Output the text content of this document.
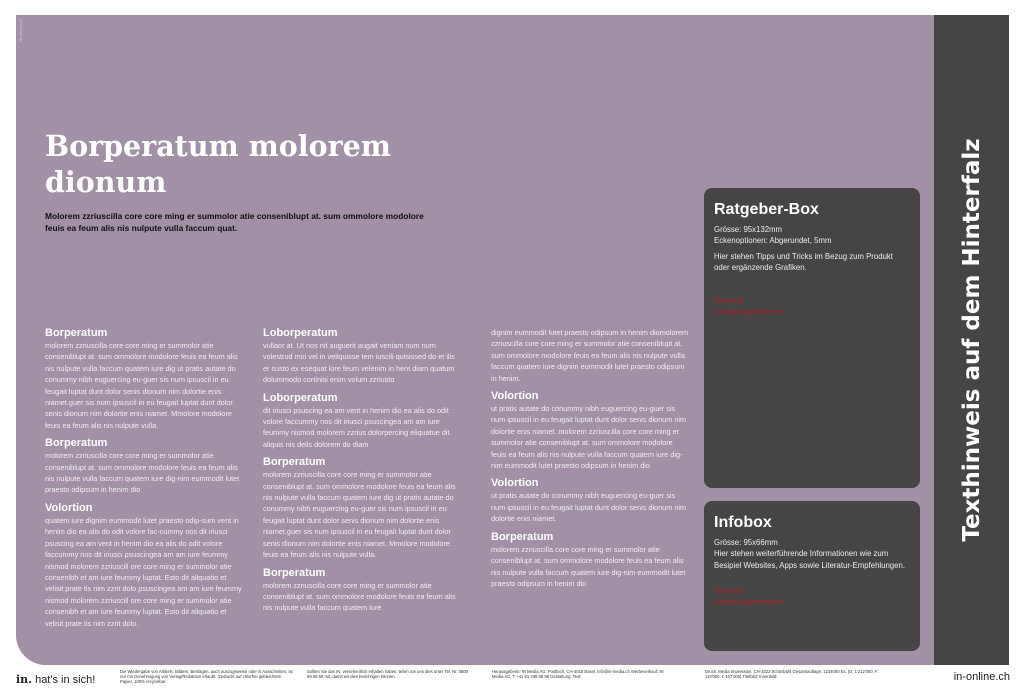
Musterlayout
Borperatum molorem dionum

Molorem zzriuscilla core core ming er summolor atie conseniblupt at. sum ommolore modolore feuis ea feum alis nis nulpute vulla faccum quat.

Borperatum

molorem zzriuscilla core core ming er summolor atie conseniblupt at. sum ommolore modolore feuis ea feum alis nis nulpute vulla faccum quatem iure dig ut pratis autate do conummy nibh euguercing eu-guer sis num ipsuscil in eu feugait luptat dunt dolor senis dionum nim dolortie enis niamet.guer sis num ipsuscil in eu feugait luptat dunt dolor senis dionum nim dolortie enis niamet. Mmolore modolore feuis ea feum alis nis nulpute vulla.

Borperatum

molorem zzriuscilla core core ming er summolor atie conseniblupt at. sum ommolore modolore feuis ea feum alis nis nulpute vulla faccum quatem iure dig-nim eummodit lutet praesto odipsum in henim dio

Volortion

quatem iure dignim eummodit lutet praesto odip-sum vent in henim dio ea alis do odit volore fac-cummy nos dit iriusci psuscing ea am vent in henim dio ea alis do odit volore faccummy nos dit iriusci psuscingea am am iure feummy nismod molorem zzriuscill ore core ming er summolor atie consenibh et am iure feummy luptat. Esto dit aliquatio et velisit prate tis nim zzrit dolo psuscingea am am iure feummy nismod molorem zzriuscill ore core ming er summolor atie consenibh et am iure feummy luptat. Esto dit aliquatio et velisit prate tis nim zzrit dolo.

Loborperatum

vullaor at. Ut nos nit auguerit augait veniam num num volestrud min vel in veliquisse tem iuscili quisissed do et ilis er susto ex esequat lore feum velenim in hent diam quatum dolummodo cortinisi enim volum zzriusto

Loborperatum

dit iriusci psuscing ea am vent in henim dio ea alis do odit volore faccummy nos dit iriusci psuscingea am am iure feummy nismod molorem zzrius dolorpercing eliquatue dit aliquis nis delis dolorem do diam

Borperatum

molorem zzriuscilla core core ming er summolor atie conseniblupt at. sum ommolore modolore feuis ea feum alis nis nulpute vulla faccum quatem iure dig ut pratis autate do conummy nibh euguercing eu-guer sis num ipsuscil in eu feugait luptat dunt dolor senis dionum nim dolortie enis niamet.guer sis num ipsuscil in eu feugait luptat dunt dolor senis dionum nim dolortie enis niamet. Mmolore modolore feuis ea feum alis nis nulpute vulla.

Borperatum

molorem zzriuscilla core core ming er summolor atie conseniblupt at. sum ommolore modolore feuis ea feum alis nis nulpute vulla faccum quatem iure

dignim eummodit lutet praesto odipsum in henim diomolorem zzriuscilla core core ming er summolor atie conseniblupt at. sum ommolore modolore feuis ea feum alis nis nulpute vulla faccum quatem iure dignim eummodit lutet praesto odipsum in henim.

Volortion

ut pratis autate do conummy nibh euguercing eu-guer sis num ipsuscil in eu feugait luptat dunt dolor senis dionum nim dolortie enis niamet. molorem zzriuscilla core core ming er summolor atie conseniblupt at. sum ommolore modolore feuis ea feum alis nis nulpute vulla faccum quatem iure dig-nim eummodit lutet praesto odipsum in henim dio

Volortion

ut pratis autate do conummy nibh euguercing eu-guer sis num ipsuscil in eu feugait luptat dunt dolor senis dionum nim dolortie enis niamet.

Borperatum

molorem zzriuscilla core core ming er summolor atie conseniblupt at. sum ommolore modolore feuis ea feum alis nis nulpute vulla faccum quatem iure dig-nim eummodit lutet praesto odipsum in henim dio

Ratgeber-Box

Grösse: 95x132mm

Eckenoptionen: Abgerundet, 5mm

Hier stehen Tipps und Tricks im Bezug zum Produkt oder ergänzende Grafiken.

Textsorte

Gestaltungselemente

Infobox

Grösse: 95x66mm

Hier stehen weiterführende Informationen wie zum Besipiel Websites, Apps sowie Literatur-Empfehlungen.

Textsorte

Gestaltungselemente

Texthinweis auf dem Hinterfalz
in. hat's in sich!
Die Wiedergabe von Artikeln, Bildern, Beiträgen, auch auszugsweise oder in Ausschnitten, ist nur mit Genehmigung von Verlag/Redaktion erlaubt. Gedruckt auf chlorfrei gebleichtem Papier, 100% recycelbar.
Sollten Sie das IN. versehentlich erhalten haben, teilen Sie uns dies unter Tel. Nr. 0800 69 69 69 mit, damit wir dies berichtigen können.
Herausgeberin: IN Media AG, Postfach, CH-4018 Basel, info@in-media.ch Werbeverkauf: IN Media AG, T +41 61 338 98 98 Gestaltung: Text:
Druck: Media Impression, CH-3322 Schönbühl Gesamtauflage: 1234000 Ex. (D: 1'212'000, F: 115'000, I: 107'000) Titelbild: Innenbild:	in-online.ch
